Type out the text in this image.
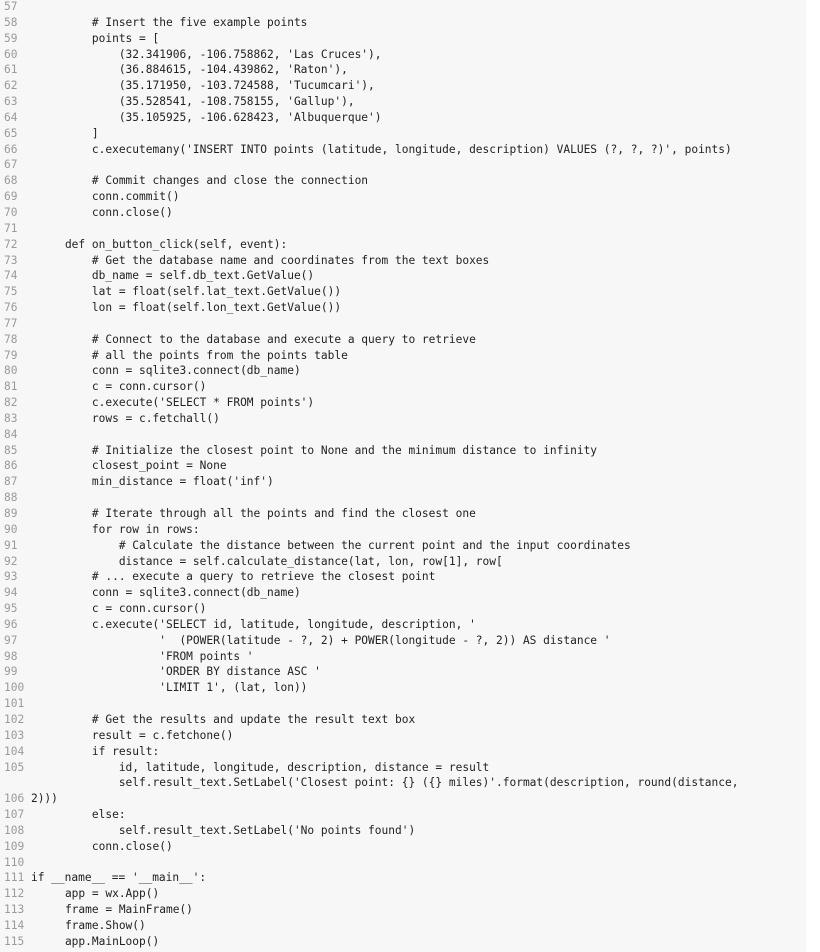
57
58        # Insert the five example points
59        points = [
60            (32.341906, -106.758862, 'Las Cruces'),
61            (36.884615, -104.439862, 'Raton'),
62            (35.171950, -103.724588, 'Tucumcari'),
63            (35.528541, -108.758155, 'Gallup'),
64            (35.105925, -106.628423, 'Albuquerque')
65        ]
66        c.executemany('INSERT INTO points (latitude, longitude, description) VALUES (?, ?, ?)', points)
67
68        # Commit changes and close the connection
69        conn.commit()
70        conn.close()
71
72    def on_button_click(self, event):
73        # Get the database name and coordinates from the text boxes
74        db_name = self.db_text.GetValue()
75        lat = float(self.lat_text.GetValue())
76        lon = float(self.lon_text.GetValue())
77
78        # Connect to the database and execute a query to retrieve
79        # all the points from the points table
80        conn = sqlite3.connect(db_name)
81        c = conn.cursor()
82        c.execute('SELECT * FROM points')
83        rows = c.fetchall()
84
85        # Initialize the closest point to None and the minimum distance to infinity
86        closest_point = None
87        min_distance = float('inf')
88
89        # Iterate through all the points and find the closest one
90        for row in rows:
91            # Calculate the distance between the current point and the input coordinates
92            distance = self.calculate_distance(lat, lon, row[1], row[
93        # ... execute a query to retrieve the closest point
94        conn = sqlite3.connect(db_name)
95        c = conn.cursor()
96        c.execute('SELECT id, latitude, longitude, description, '
97                  '  (POWER(latitude - ?, 2) + POWER(longitude - ?, 2)) AS distance '
98                  'FROM points '
99                  'ORDER BY distance ASC '
100                  'LIMIT 1', (lat, lon))
101
102        # Get the results and update the result text box
103        result = c.fetchone()
104        if result:
105            id, latitude, longitude, description, distance = result
self.result_text.SetLabel('Closest point: {} ({} miles)'.format(description, round(distance,
106 2)))
107        else:
108            self.result_text.SetLabel('No points found')
109        conn.close()
110
111 if __name__ == '__main__':
112    app = wx.App()
113    frame = MainFrame()
114    frame.Show()
115    app.MainLoop()
